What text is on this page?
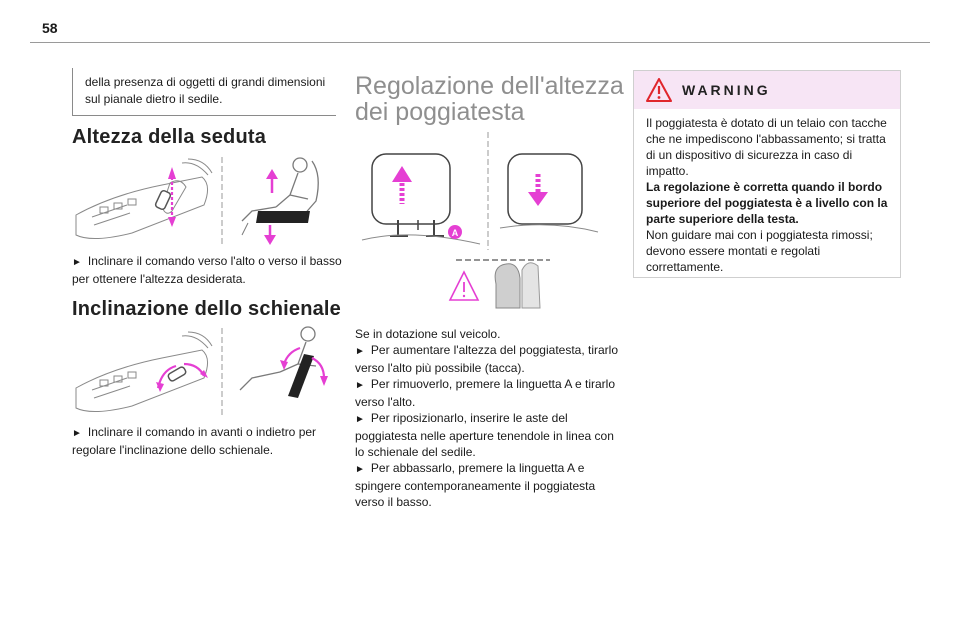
58
della presenza di oggetti di grandi dimensioni sul pianale dietro il sedile.
Altezza della seduta
► Inclinare il comando verso l'alto o verso il basso per ottenere l'altezza desiderata.
Inclinazione dello schienale
► Inclinare il comando in avanti o indietro per regolare l'inclinazione dello schienale.
Regolazione dell'altezza dei poggiatesta
A
Se in dotazione sul veicolo.
► Per aumentare l'altezza del poggiatesta, tirarlo verso l'alto più possibile (tacca).
► Per rimuoverlo, premere la linguetta A e tirarlo verso l'alto.
► Per riposizionarlo, inserire le aste del poggiatesta nelle aperture tenendole in linea con lo schienale del sedile.
► Per abbassarlo, premere la linguetta A e spingere contemporaneamente il poggiatesta verso il basso.
WARNING

Il poggiatesta è dotato di un telaio con tacche che ne impediscono l'abbassamento; si tratta di un dispositivo di sicurezza in caso di impatto.

La regolazione è corretta quando il bordo superiore del poggiatesta è a livello con la parte superiore della testa.

Non guidare mai con i poggiatesta rimossi; devono essere montati e regolati correttamente.
